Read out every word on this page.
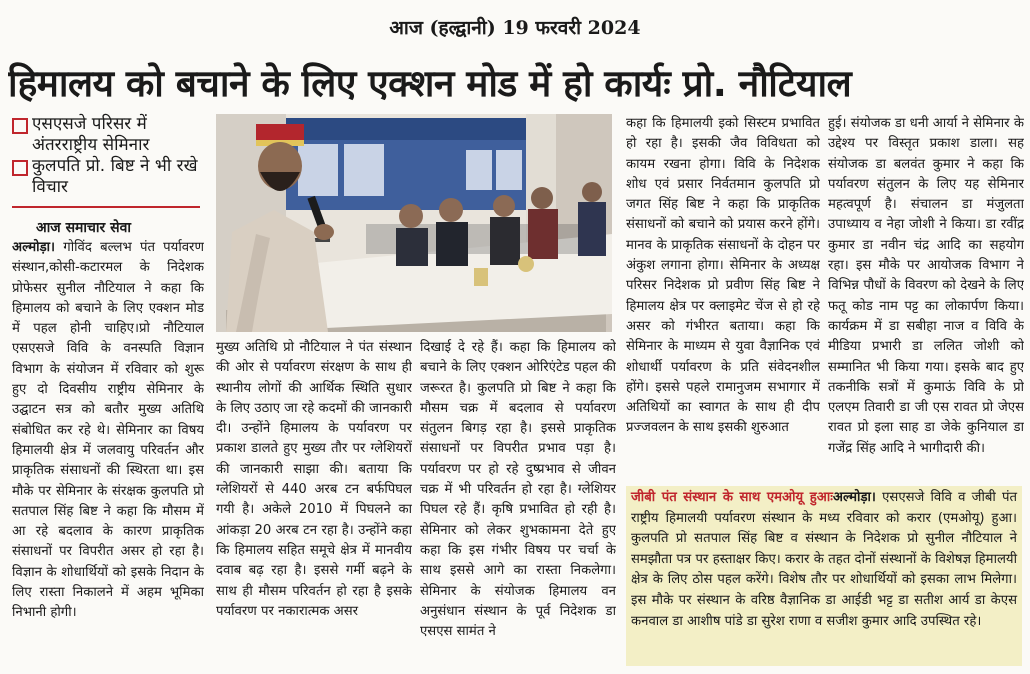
आज (हल्द्वानी) 19 फरवरी 2024
हिमालय को बचाने के लिए एक्शन मोड में हो कार्यः प्रो. नौटियाल
एसएसजे परिसर में अंतरराष्ट्रीय सेमिनार
कुलपति प्रो. बिष्ट ने भी रखे विचार
आज समाचार सेवा

अल्मोड़ा। गोविंद बल्लभ पंत पर्यावरण संस्थान,कोसी-कटारमल के निदेशक प्रोफेसर सुनील नौटियाल ने कहा कि हिमालय को बचाने के लिए एक्शन मोड में पहल होनी चाहिए।प्रो नौटियाल एसएसजे विवि के वनस्पति विज्ञान विभाग के संयोजन में रविवार को शुरू हुए दो दिवसीय राष्ट्रीय सेमिनार के उद्घाटन सत्र को बतौर मुख्य अतिथि संबोधित कर रहे थे। सेमिनार का विषय हिमालयी क्षेत्र में जलवायु परिवर्तन और प्राकृतिक संसाधनों की स्थिरता था। इस मौके पर सेमिनार के संरक्षक कुलपति प्रो सतपाल सिंह बिष्ट ने कहा कि मौसम में आ रहे बदलाव के कारण प्राकृतिक संसाधनों पर विपरीत असर हो रहा है। विज्ञान के शोधार्थियों को इसके निदान के लिए रास्ता निकालने में अहम भूमिका निभानी होगी।

मुख्य अतिथि प्रो नौटियाल ने पंत संस्थान की ओर से पर्यावरण संरक्षण के साथ ही स्थानीय लोगों की आर्थिक स्थिति सुधार के लिए उठाए जा रहे कदमों की जानकारी दी। उन्होंने हिमालय के पर्यावरण पर प्रकाश डालते हुए मुख्य तौर पर ग्लेशियरों की जानकारी साझा की। बताया कि ग्लेशियरों से 440 अरब टन बर्फपिघल गयी है। अकेले 2010 में पिघलने का आंकड़ा 20 अरब टन रहा है। उन्होंने कहा कि हिमालय सहित समूचे क्षेत्र में मानवीय दवाब बढ़ रहा है। इससे गर्मी बढ़ने के साथ ही मौसम परिवर्तन हो रहा है इसके पर्यावरण पर नकारात्मक असर

दिखाई दे रहे हैं। कहा कि हिमालय को बचाने के लिए एक्शन ओरिएंटेड पहल की जरूरत है। कुलपति प्रो बिष्ट ने कहा कि मौसम चक्र में बदलाव से पर्यावरण संतुलन बिगड़ रहा है। इससे प्राकृतिक संसाधनों पर विपरीत प्रभाव पड़ा है। पर्यावरण पर हो रहे दुष्प्रभाव से जीवन चक्र में भी परिवर्तन हो रहा है। ग्लेशियर पिघल रहे हैं। कृषि प्रभावित हो रही है। सेमिनार को लेकर शुभकामना देते हुए कहा कि इस गंभीर विषय पर चर्चा के साथ इससे आगे का रास्ता निकलेगा। सेमिनार के संयोजक हिमालय वन अनुसंधान संस्थान के पूर्व निदेशक डा एसएस सामंत ने

कहा कि हिमालयी इको सिस्टम प्रभावित हो रहा है। इसकी जैव विविधता को कायम रखना होगा। विवि के निदेशक शोध एवं प्रसार निर्वतमान कुलपति प्रो जगत सिंह बिष्ट ने कहा कि प्राकृतिक संसाधनों को बचाने को प्रयास करने होंगे। मानव के प्राकृतिक संसाधनों के दोहन पर अंकुश लगाना होगा। सेमिनार के अध्यक्ष परिसर निदेशक प्रो प्रवीण सिंह बिष्ट ने हिमालय क्षेत्र पर क्लाइमेट चेंज से हो रहे असर को गंभीरत बताया। कहा कि सेमिनार के माध्यम से युवा वैज्ञानिक एवं शोधार्थी पर्यावरण के प्रति संवेदनशील होंगे। इससे पहले रामानुजम सभागार में अतिथियों का स्वागत के साथ ही दीप प्रज्जवलन के साथ इसकी शुरुआत

हुई। संयोजक डा धनी आर्या ने सेमिनार के उद्देश्य पर विस्तृत प्रकाश डाला। सह संयोजक डा बलवंत कुमार ने कहा कि पर्यावरण संतुलन के लिए यह सेमिनार महत्वपूर्ण है। संचालन डा मंजुलता उपाध्याय व नेहा जोशी ने किया। डा रवींद्र कुमार डा नवीन चंद्र आदि का सहयोग रहा। इस मौके पर आयोजक विभाग ने विभिन्न पौधों के विवरण को देखने के लिए फतू कोड नाम पट्ट का लोकार्पण किया। कार्यक्रम में डा सबीहा नाज व विवि के मीडिया प्रभारी डा ललित जोशी को सम्मानित भी किया गया। इसके बाद हुए तकनीकि सत्रों में कुमाऊं विवि के प्रो एलएम तिवारी डा जी एस रावत प्रो जेएस रावत प्रो इला साह डा जेके कुनियाल डा गजेंद्र सिंह आदि ने भागीदारी की।

जीबी पंत संस्थान के साथ एमओयू हुआःअल्मोड़ा। एसएसजे विवि व जीबी पंत राष्ट्रीय हिमालयी पर्यावरण संस्थान के मध्य रविवार को करार (एमओयू) हुआ। कुलपति प्रो सतपाल सिंह बिष्ट व संस्थान के निदेशक प्रो सुनील नौटियाल ने समझौता पत्र पर हस्ताक्षर किए। करार के तहत दोनों संस्थानों के विशेषज्ञ हिमालयी क्षेत्र के लिए ठोस पहल करेंगे। विशेष तौर पर शोधार्थियों को इसका लाभ मिलेगा। इस मौके पर संस्थान के वरिष्ठ वैज्ञानिक डा आईडी भट्ट डा सतीश आर्य डा केएस कनवाल डा आशीष पांडे डा सुरेश राणा व सजीश कुमार आदि उपस्थित रहे।
